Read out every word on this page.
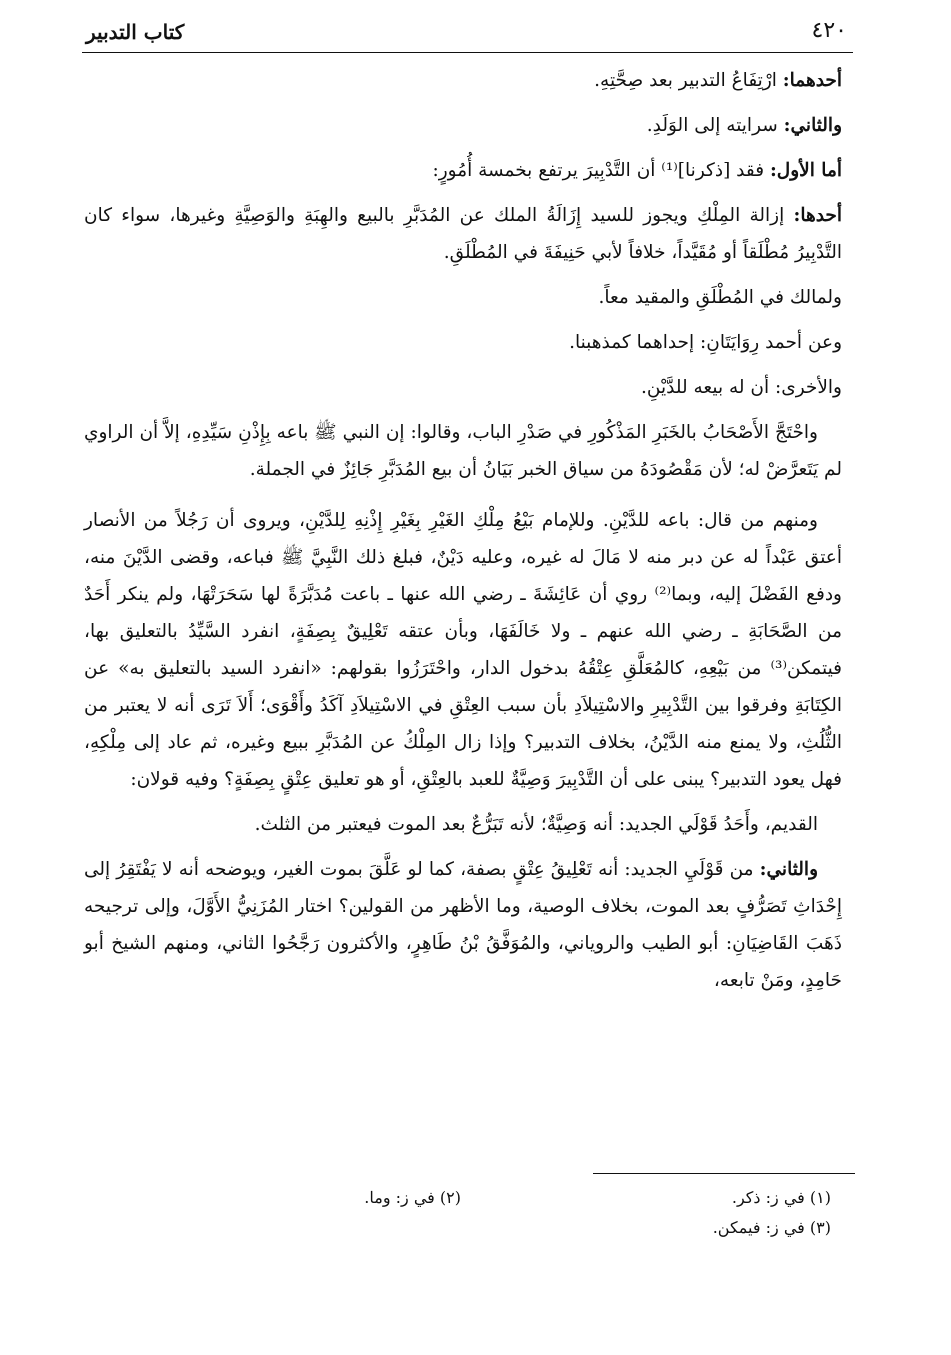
٤٢٠
كتاب التدبير

أحدهما: ارْتِفَاعُ التدبير بعد صِحَّتِهِ.

والثاني: سرايته إلى الوَلَدِ.

أما الأول: فقد [ذكرنا]⁽¹⁾ أن التَّدْبِيرَ يرتفع بخمسة أُمُورٍ:

أحدها: إزالة المِلْكِ ويجوز للسيد إِزَالَةُ الملك عن المُدَبَّرِ بالبيع والهِبَةِ والوَصِيَّةِ وغيرها، سواء كان التَّدْبِيرُ مُطْلَقاً أو مُقَيَّداً، خلافاً لأبي حَنِيفَةَ في المُطْلَقِ.

ولمالك في المُطْلَقِ والمقيد معاً.

وعن أحمد رِوَايَتَانِ: إحداهما كمذهبنا.

والأخرى: أن له بيعه للدَّيْنِ.

واحْتَجَّ الأَصْحَابُ بالخَبَرِ المَذْكُورِ في صَدْرِ الباب، وقالوا: إن النبي ﷺ باعه بِإِذْنِ سَيِّدِهِ، إلاَّ أن الراوي لم يَتَعرَّضْ له؛ لأن مَقْصُودَهُ من سياق الخبر بَيَانُ أن بيع المُدَبَّرِ جَائِزٌ في الجملة.

ومنهم من قال: باعه للدَّيْنِ. وللإمام بَيْعُ مِلْكِ الغَيْرِ بِغَيْرِ إِذْنِهِ لِلدَّيْنِ، ويروى أن رَجُلاً من الأنصار أعتق عَبْداً له عن دبر منه لا مَالَ له غيره، وعليه دَيْنٌ، فبلغ ذلك النَّبِيَّ ﷺ فباعه، وقضى الدَّيْنَ منه، ودفع الفَضْلَ إليه، وبما⁽²⁾ روي أن عَائِشَةَ ـ رضي الله عنها ـ باعت مُدَبَّرَةً لها سَحَرَتْهَا، ولم ينكر أَحَدٌ من الصَّحَابَةِ ـ رضي الله عنهم ـ ولا خَالَفَهَا، وبأن عتقه تَعْلِيقٌ بِصِفَةٍ، انفرد السَّيِّدُ بالتعليق بها، فيتمكن⁽³⁾ من بَيْعِهِ، كالمُعَلَّقِ عِتْقُهُ بدخول الدار، واحْتَرَزُوا بقولهم: «انفرد السيد بالتعليق به» عن الكِتَابَةِ وفرقوا بين التَّدْبِيرِ والاسْتِيلاَدِ بأن سبب العِتْقِ في الاسْتِيلاَدِ آكَدُ وأَقْوَى؛ أَلاَ تَرَى أنه لا يعتبر من الثُّلُثِ، ولا يمنع منه الدَّيْنُ، بخلاف التدبير؟ وإذا زال المِلْكُ عن المُدَبَّرِ ببيع وغيره، ثم عاد إلى مِلْكِهِ، فهل يعود التدبير؟ يبنى على أن التَّدْبِيرَ وَصِيَّةٌ للعبد بالعِتْقِ، أو هو تعليق عِتْقٍ بِصِفَةٍ؟ وفيه قولان:

القديم، وأَحَدُ قَوْلَي الجديد: أنه وَصِيَّةٌ؛ لأنه تَبَرُّعٌ بعد الموت فيعتبر من الثلث.

والثاني: من قَوْلَيِ الجديد: أنه تَعْلِيقُ عِتْقٍ بصفة، كما لو عَلَّقَ بموت الغير، ويوضحه أنه لا يَفْتَقِرُ إلى إِحْدَاثِ تَصَرُّفٍ بعد الموت، بخلاف الوصية، وما الأظهر من القولين؟ اختار المُزَنِيُّ الأَوَّلَ، وإلى ترجيحه ذَهَبَ القَاضِيَانِ: أبو الطيب والروياني، والمُوَفَّقُ بْنُ طَاهِرٍ، والأكثرون رَجَّحُوا الثاني، ومنهم الشيخ أبو حَامِدٍ، ومَنْ تابعه،

(١) في ز: ذكر.
(٢) في ز: وما.
(٣) في ز: فيمكن.
